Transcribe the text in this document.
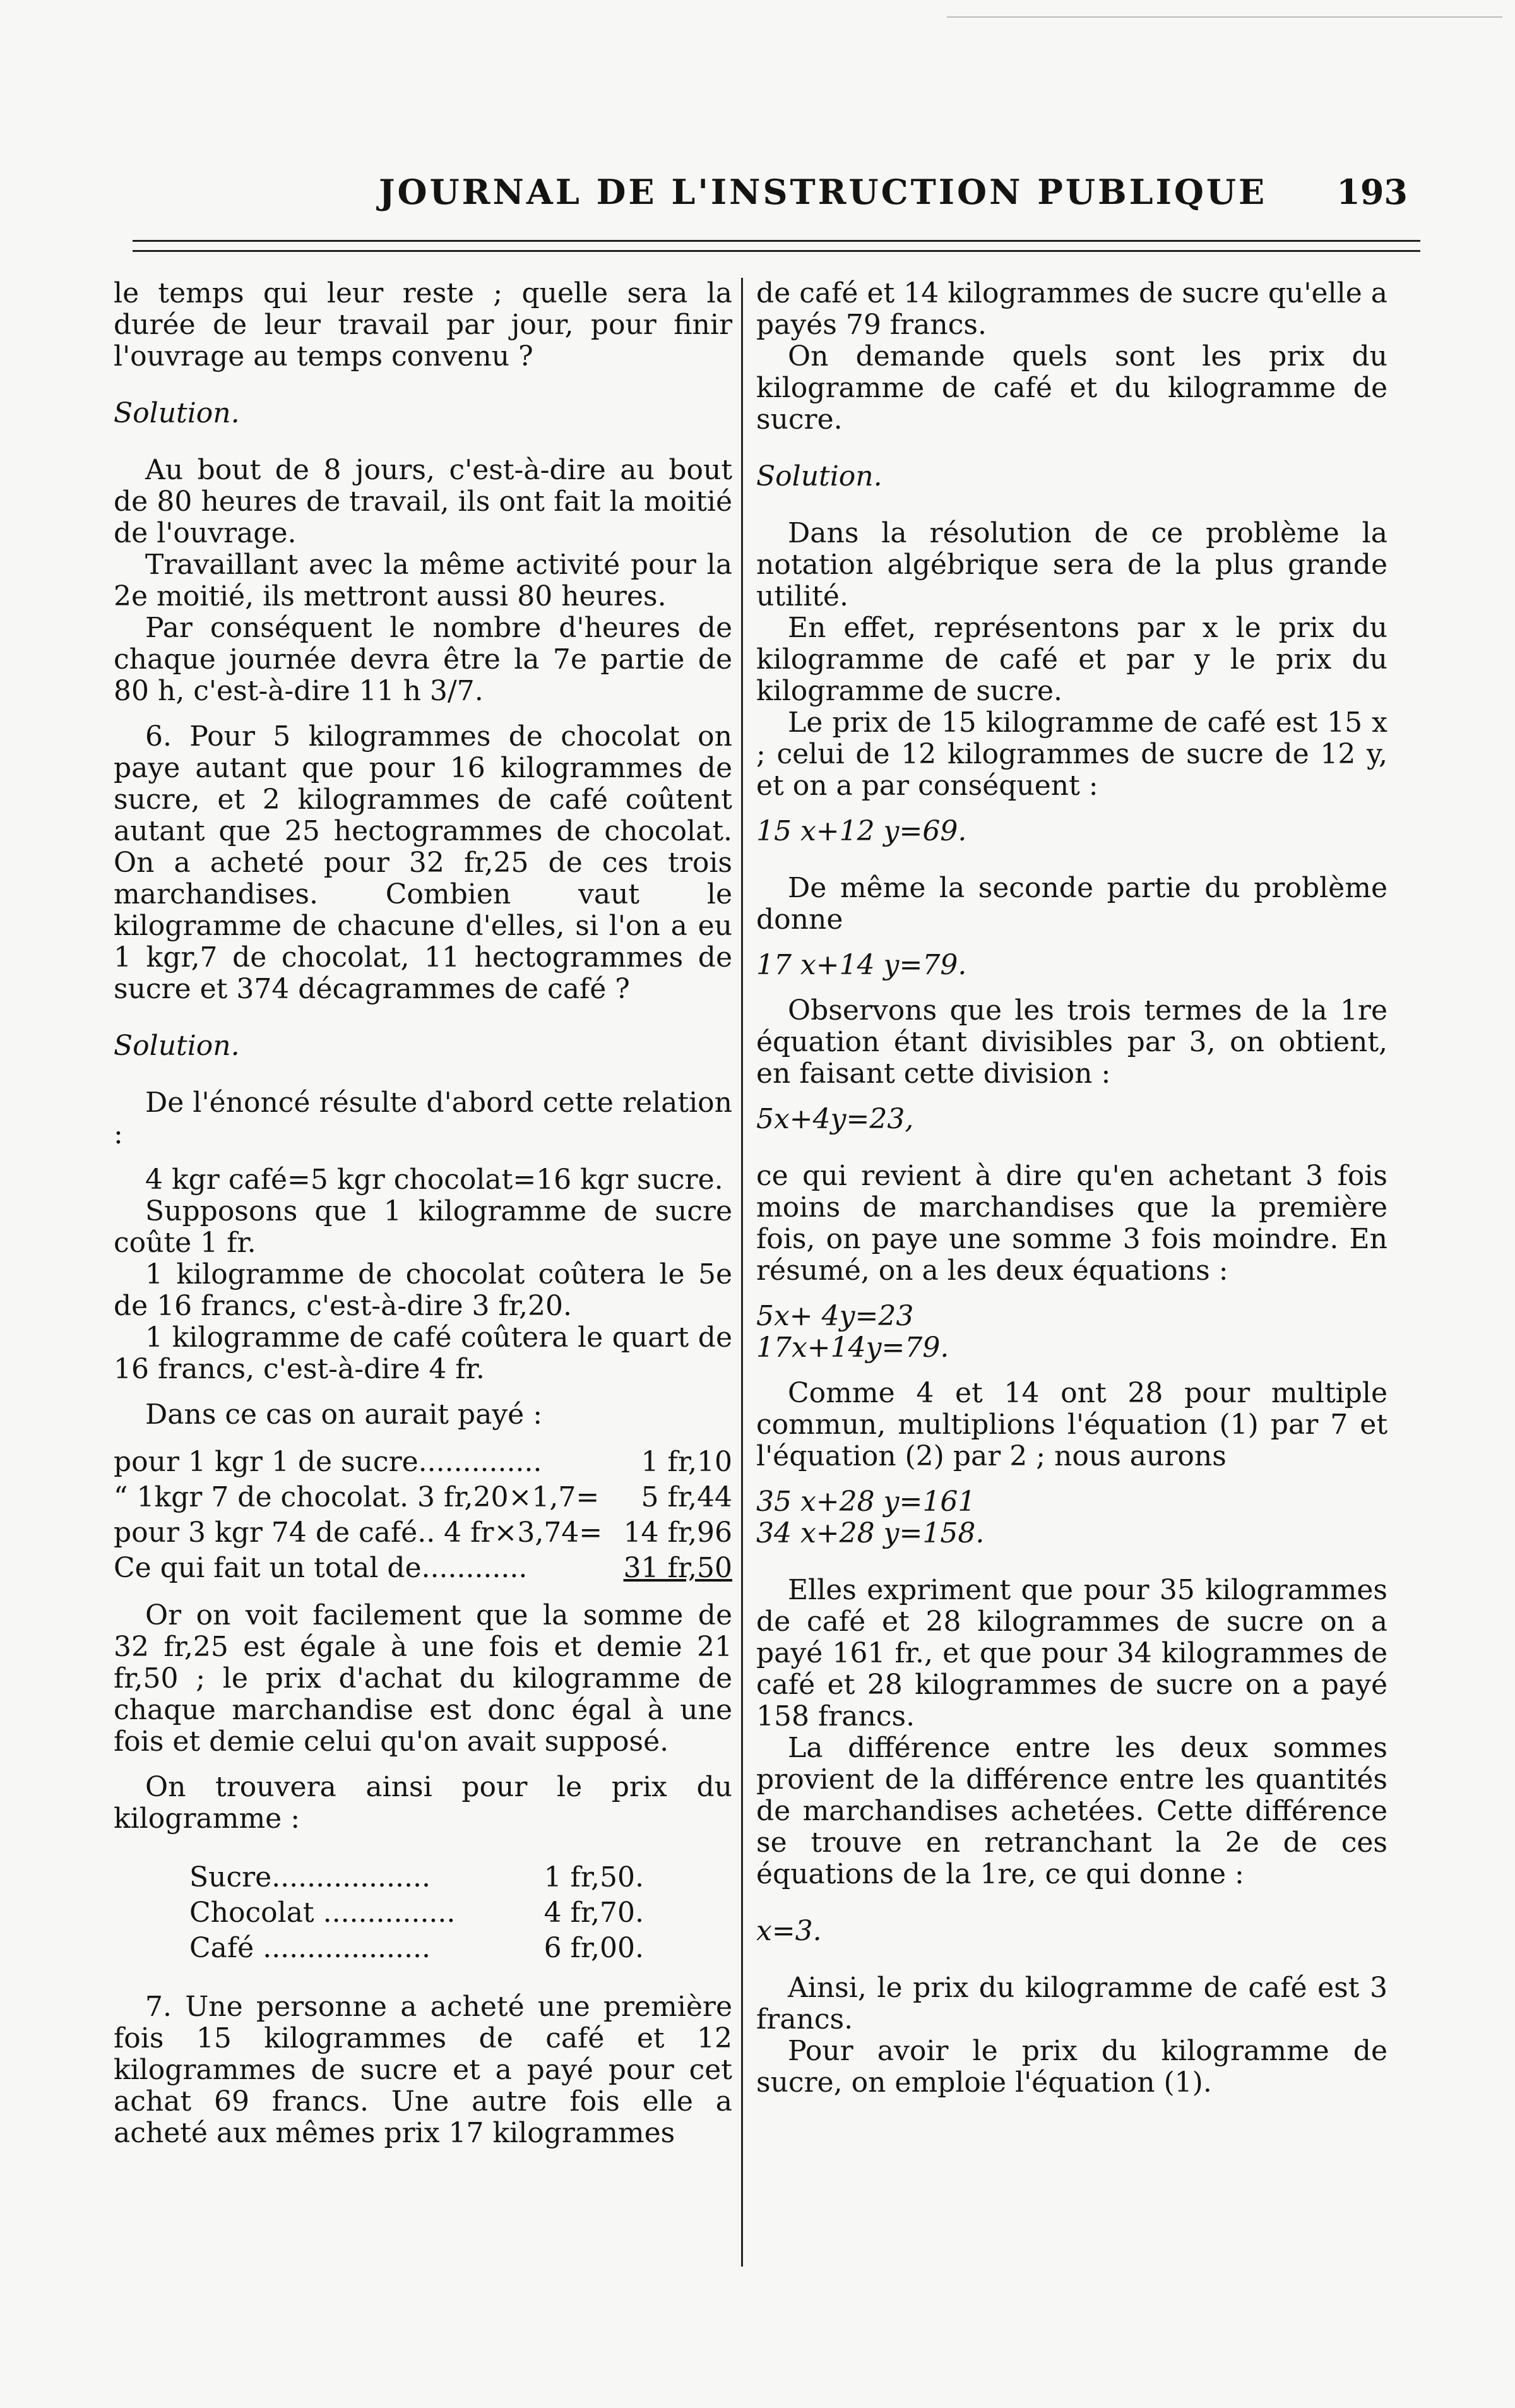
JOURNAL DE L'INSTRUCTION PUBLIQUE 193

le temps qui leur reste ; quelle sera la durée de leur travail par jour, pour finir l'ouvrage au temps convenu ?

Solution.

Au bout de 8 jours, c'est-à-dire au bout de 80 heures de travail, ils ont fait la moitié de l'ouvrage.

Travaillant avec la même activité pour la 2e moitié, ils mettront aussi 80 heures.

Par conséquent le nombre d'heures de chaque journée devra être la 7e partie de 80 h, c'est-à-dire 11 h 3/7.

6. Pour 5 kilogrammes de chocolat on paye autant que pour 16 kilogrammes de sucre, et 2 kilogrammes de café coûtent autant que 25 hectogrammes de chocolat. On a acheté pour 32 fr,25 de ces trois marchandises. Combien vaut le kilogramme de chacune d'elles, si l'on a eu 1 kgr,7 de chocolat, 11 hectogrammes de sucre et 374 décagrammes de café ?

Solution.

De l'énoncé résulte d'abord cette relation :

4 kgr café=5 kgr chocolat=16 kgr sucre.

Supposons que 1 kilogramme de sucre coûte 1 fr.

1 kilogramme de chocolat coûtera le 5e de 16 francs, c'est-à-dire 3 fr,20.

1 kilogramme de café coûtera le quart de 16 francs, c'est-à-dire 4 fr.

Dans ce cas on aurait payé :

pour 1 kgr 1 de sucre..............	1 fr,10
“ 1kgr 7 de chocolat. 3 fr,20×1,7= 5 fr,44
pour 3 kgr 74 de café.. 4 fr×3,74= 14 fr,96
Ce qui fait un total de............	31 fr,50

Or on voit facilement que la somme de 32 fr,25 est égale à une fois et demie 21 fr,50 ; le prix d'achat du kilogramme de chaque marchandise est donc égal à une fois et demie celui qu'on avait supposé.

On trouvera ainsi pour le prix du kilogramme :

Sucre..................	1 fr,50.
Chocolat ...............	4 fr,70.
Café ...................	6 fr,00.

7. Une personne a acheté une première fois 15 kilogrammes de café et 12 kilogrammes de sucre et a payé pour cet achat 69 francs. Une autre fois elle a acheté aux mêmes prix 17 kilogrammes

de café et 14 kilogrammes de sucre qu'elle a payés 79 francs.

On demande quels sont les prix du kilogramme de café et du kilogramme de sucre.

Solution.

Dans la résolution de ce problème la notation algébrique sera de la plus grande utilité.

En effet, représentons par x le prix du kilogramme de café et par y le prix du kilogramme de sucre.

Le prix de 15 kilogramme de café est 15 x ; celui de 12 kilogrammes de sucre de 12 y, et on a par conséquent :

15 x+12 y=69.

De même la seconde partie du problème donne

17 x+14 y=79.

Observons que les trois termes de la 1re équation étant divisibles par 3, on obtient, en faisant cette division :

5x+4y=23,

ce qui revient à dire qu'en achetant 3 fois moins de marchandises que la première fois, on paye une somme 3 fois moindre. En résumé, on a les deux équations :

5x+ 4y=23

17x+14y=79.

Comme 4 et 14 ont 28 pour multiple commun, multiplions l'équation (1) par 7 et l'équation (2) par 2 ; nous aurons

35 x+28 y=161

34 x+28 y=158.

Elles expriment que pour 35 kilogrammes de café et 28 kilogrammes de sucre on a payé 161 fr., et que pour 34 kilogrammes de café et 28 kilogrammes de sucre on a payé 158 francs.

La différence entre les deux sommes provient de la différence entre les quantités de marchandises achetées. Cette différence se trouve en retranchant la 2e de ces équations de la 1re, ce qui donne :

x=3.

Ainsi, le prix du kilogramme de café est 3 francs.

Pour avoir le prix du kilogramme de sucre, on emploie l'équation (1).
